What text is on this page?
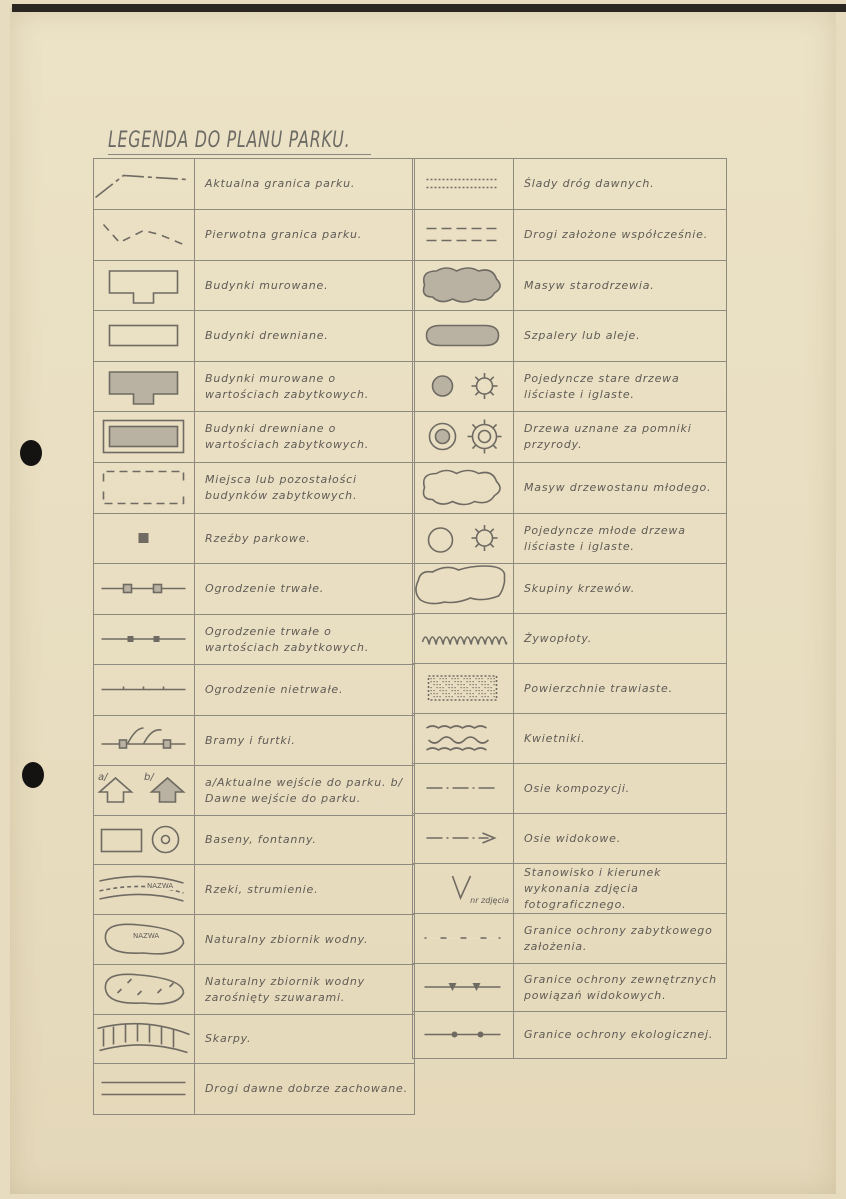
LEGENDA DO PLANU PARKU.
Aktualna granica parku.
Pierwotna granica parku.
Budynki murowane.
Budynki drewniane.
Budynki murowane o wartościach zabytkowych.
Budynki drewniane o wartościach zabytkowych.
Miejsca lub pozostałości budynków zabytkowych.
Rzeźby parkowe.
Ogrodzenie trwałe.
Ogrodzenie trwałe o wartościach zabytkowych.
Ogrodzenie nietrwałe.
Bramy i furtki.
a/	b/	a/Aktualne wejście do parku. b/ Dawne wejście do parku.
Baseny, fontanny.
NAZWA	Rzeki, strumienie.
NAZWA	Naturalny zbiornik wodny.
Naturalny zbiornik wodny zarośnięty szuwarami.
Skarpy.
Drogi dawne dobrze zachowane.
Ślady dróg dawnych.
Drogi założone współcześnie.
Masyw starodrzewia.
Szpalery lub aleje.
Pojedyncze stare drzewa liściaste i iglaste.
Drzewa uznane za pomniki przyrody.
Masyw drzewostanu młodego.
Pojedyncze młode drzewa liściaste i iglaste.
Skupiny krzewów.
Żywopłoty.
Powierzchnie trawiaste.
Kwietniki.
Osie kompozycji.
Osie widokowe.
nr zdjęcia
Stanowisko i kierunek wykonania zdjęcia fotograficznego.
Granice ochrony zabytkowego założenia.
Granice ochrony zewnętrznych powiązań widokowych.
Granice ochrony ekologicznej.
